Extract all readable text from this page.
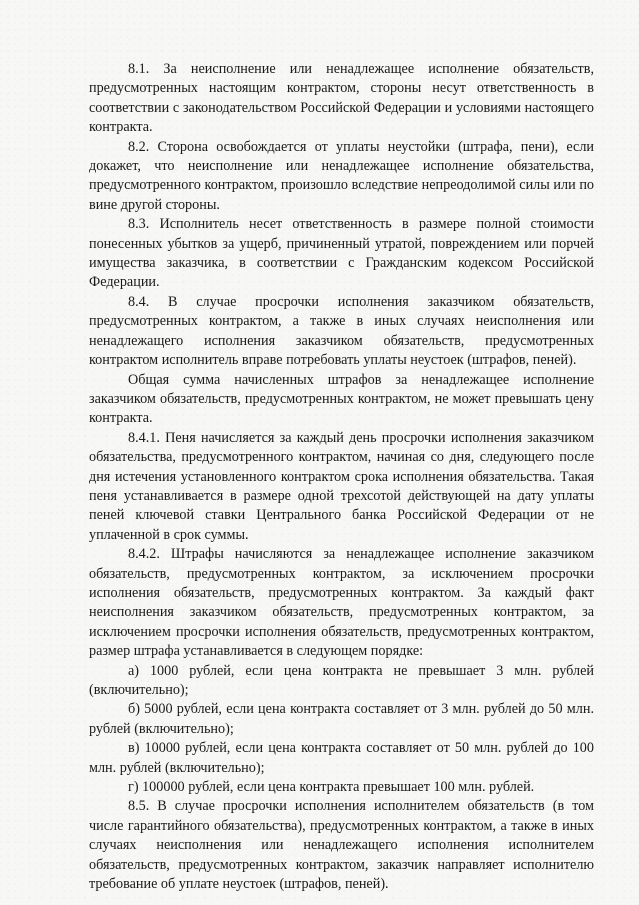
8.1. За неисполнение или ненадлежащее исполнение обязательств, предусмотренных настоящим контрактом, стороны несут ответственность в соответствии с законодательством Российской Федерации и условиями настоящего контракта.

8.2. Сторона освобождается от уплаты неустойки (штрафа, пени), если докажет, что неисполнение или ненадлежащее исполнение обязательства, предусмотренного контрактом, произошло вследствие непреодолимой силы или по вине другой стороны.

8.3. Исполнитель несет ответственность в размере полной стоимости понесенных убытков за ущерб, причиненный утратой, повреждением или порчей имущества заказчика, в соответствии с Гражданским кодексом Российской Федерации.

8.4. В случае просрочки исполнения заказчиком обязательств, предусмотренных контрактом, а также в иных случаях неисполнения или ненадлежащего исполнения заказчиком обязательств, предусмотренных контрактом исполнитель вправе потребовать уплаты неустоек (штрафов, пеней).

Общая сумма начисленных штрафов за ненадлежащее исполнение заказчиком обязательств, предусмотренных контрактом, не может превышать цену контракта.

8.4.1. Пеня начисляется за каждый день просрочки исполнения заказчиком обязательства, предусмотренного контрактом, начиная со дня, следующего после дня истечения установленного контрактом срока исполнения обязательства. Такая пеня устанавливается в размере одной трехсотой действующей на дату уплаты пеней ключевой ставки Центрального банка Российской Федерации от не уплаченной в срок суммы.

8.4.2. Штрафы начисляются за ненадлежащее исполнение заказчиком обязательств, предусмотренных контрактом, за исключением просрочки исполнения обязательств, предусмотренных контрактом. За каждый факт неисполнения заказчиком обязательств, предусмотренных контрактом, за исключением просрочки исполнения обязательств, предусмотренных контрактом, размер штрафа устанавливается в следующем порядке:

а) 1000 рублей, если цена контракта не превышает 3 млн. рублей (включительно);

б) 5000 рублей, если цена контракта составляет от 3 млн. рублей до 50 млн. рублей (включительно);

в) 10000 рублей, если цена контракта составляет от 50 млн. рублей до 100 млн. рублей (включительно);

г) 100000 рублей, если цена контракта превышает 100 млн. рублей.

8.5. В случае просрочки исполнения исполнителем обязательств (в том числе гарантийного обязательства), предусмотренных контрактом, а также в иных случаях неисполнения или ненадлежащего исполнения исполнителем обязательств, предусмотренных контрактом, заказчик направляет исполнителю требование об уплате неустоек (штрафов, пеней).
